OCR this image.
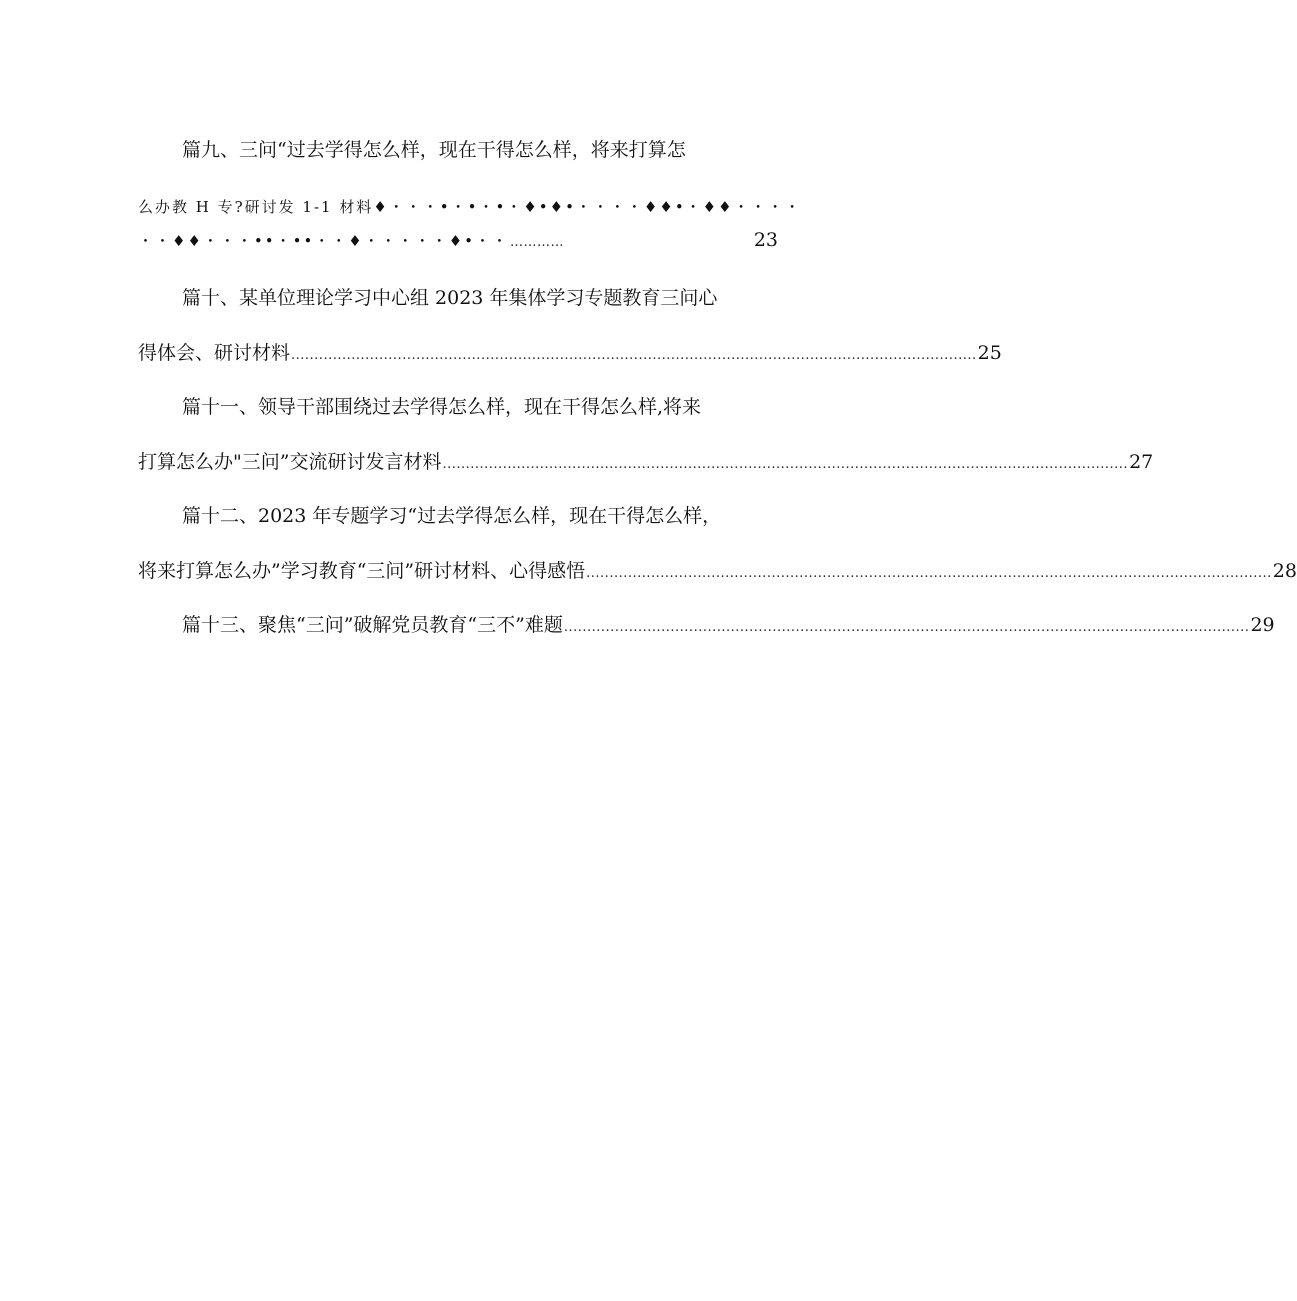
篇九、三问“过去学得怎么样，现在干得怎么样，将来打算怎
么办教 H 专?研讨发 1-1 材料♦・・・•・•・•・♦•♦•・・・・♦♦•・♦♦・・・・
・・♦♦・・・••・••・・♦・・・・・♦•・・ …………	23
篇十、某单位理论学习中心组 2023 年集体学习专题教育三问心
得体会、研讨材料 .................................................................................................................................................... 25
篇十一、领导干部围绕过去学得怎么样，现在干得怎么样,将来
打算怎么办"三问”交流研讨发言材料 .................................................................................................................................................... 27
篇十二、2023 年专题学习“过去学得怎么样，现在干得怎么样，
将来打算怎么办”学习教育“三问”研讨材料、心得感悟 .................................................................................................................................................... 28
篇十三、聚焦“三问”破解党员教育“三不”难题 .................................................................................................................................................... 29
